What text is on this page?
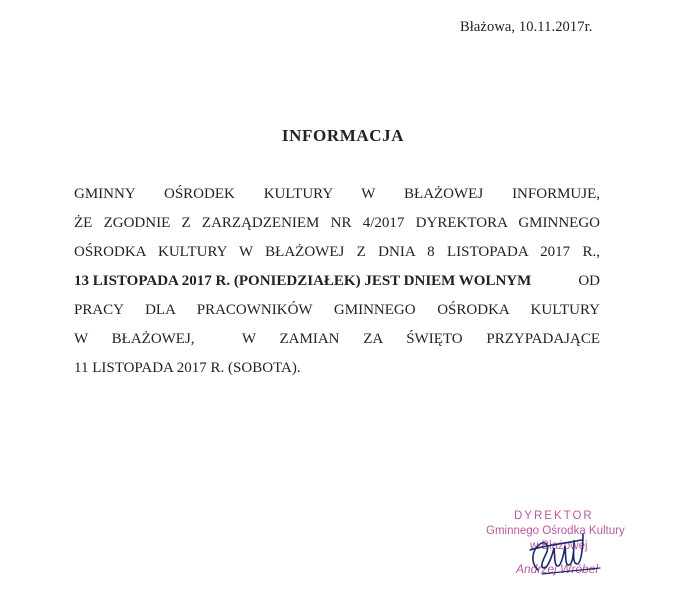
Błażowa, 10.11.2017r.
INFORMACJA
GMINNY OŚRODEK KULTURY W BŁAŻOWEJ INFORMUJE,
ŻE ZGODNIE Z ZARZĄDZENIEM NR 4/2017 DYREKTORA GMINNEGO
OŚRODKA KULTURY W BŁAŻOWEJ Z DNIA 8 LISTOPADA 2017 R.,
13 LISTOPADA 2017 R. (PONIEDZIAŁEK) JEST DNIEM WOLNYM	OD
PRACY DLA PRACOWNIKÓW GMINNEGO OŚRODKA KULTURY
W BŁAŻOWEJ,  W ZAMIAN ZA ŚWIĘTO PRZYPADAJĄCE
11 LISTOPADA 2017 R. (SOBOTA).
DYREKTOR
Gminnego Ośrodka Kultury
w Błażowej
Andrzej Wróbel
